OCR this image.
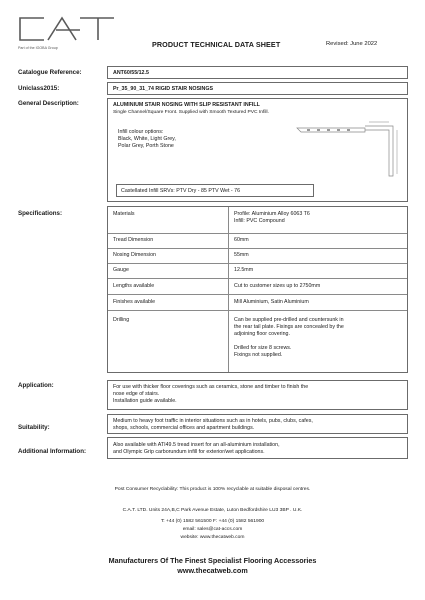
Part of the IGOBA Group	PRODUCT TECHNICAL DATA SHEET	Revised: June 2022
Catalogue Reference:	ANT60/55/12.5
Uniclass2015:	Pr_35_90_31_74 RIGID STAIR NOSINGS
General Description:	ALUMINIUM STAIR NOSING WITH SLIP RESISTANT INFILL
Single Channel/Square Front. Supplied with Smooth Textured PVC Infill.
Infill colour options:
Black, White, Light Grey,
Polar Grey, Porth Stone
Castellated Infill SRVs: PTV Dry - 85 PTV Wet - 76
Specifications:	Materials	Profile: Aluminium Alloy 6063 T6
Infill: PVC Compound
Tread Dimension	60mm
Nosing Dimension	55mm
Gauge	12.5mm
Lengths available	Cut to customer sizes up to 2750mm
Finishes available	Mill Aluminium, Satin Aluminium
Drilling	Can be supplied pre-drilled and countersunk in
the rear tail plate. Fixings are concealed by the
adjoining floor covering.

Drilled for size 8 screws.
Fixings not supplied.
Application:	For use with thicker floor coverings such as ceramics, stone and timber to finish the
nose edge of stairs.
Installation guide available.
Suitability:
Medium to heavy foot traffic in interior situations such as in hotels, pubs, clubs, cafes,
shops, schools, commercial offices and apartment buildings.
Additional Information:
Also available with ATI49.5 tread insert for an all-aluminium installation,
and Olympic Grip carborundum infill for exterior/wet applications.
Post Consumer Recyclability: This product is 100% recyclable at suitable disposal centres.
C.A.T. LTD. Units 24A,B,C Park Avenue Estate, Luton Bedfordshire LU3 3BP . U.K.
T: +44 (0) 1582 561500 F: +44 (0) 1582 561900
email: sales@cat-accs.com
website: www.thecatweb.com
Manufacturers Of The Finest Specialist Flooring Accessories
www.thecatweb.com
